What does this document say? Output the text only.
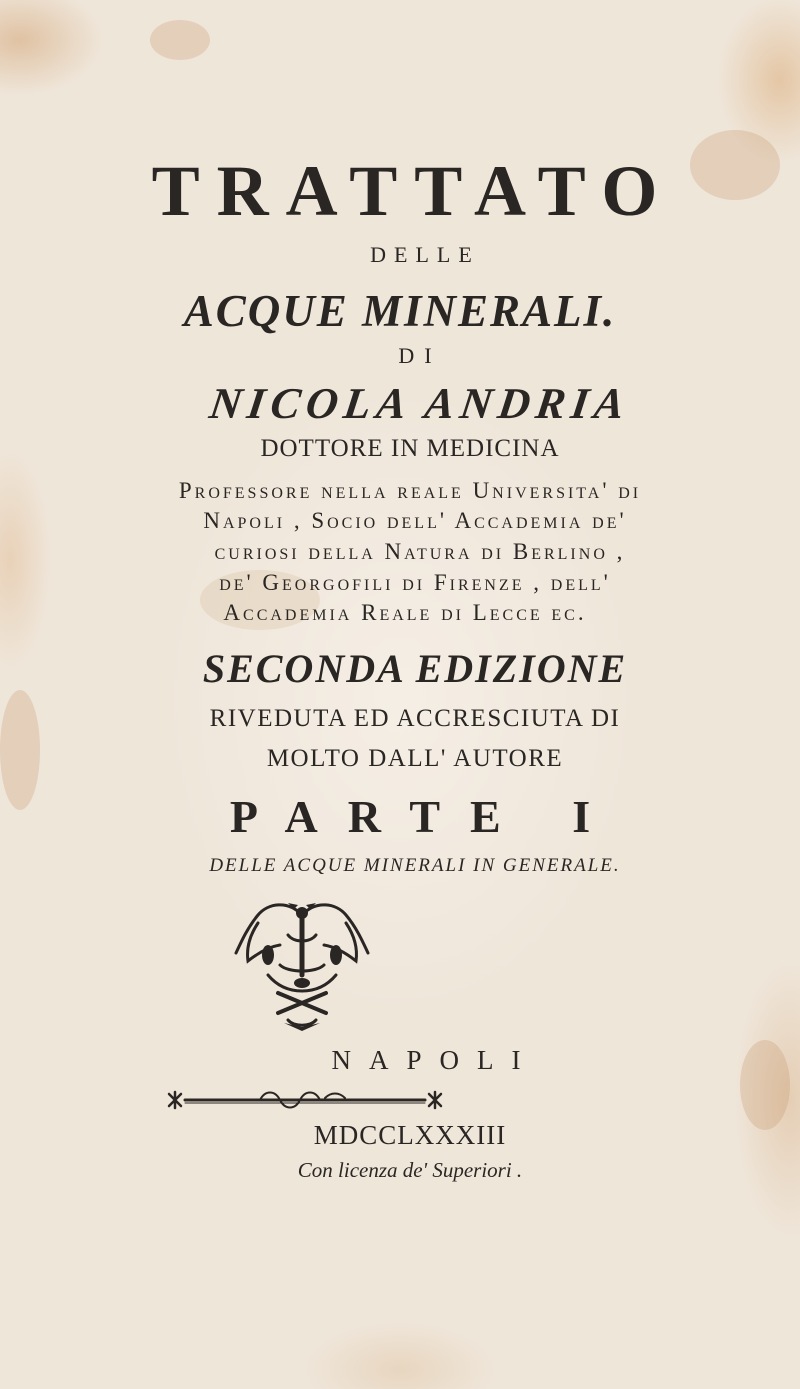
TRATTATO
DELLE
ACQUE MINERALI.
DI
NICOLA ANDRIA
DOTTORE IN MEDICINA
Professore nella reale Universita' di
Napoli , Socio dell' Accademia de'
curiosi della Natura di Berlino ,
de' Georgofili di Firenze , dell'
Accademia Reale di Lecce ec.
SECONDA EDIZIONE
RIVEDUTA ED ACCRESCIUTA DI
MOLTO DALL' AUTORE
PARTE I
DELLE ACQUE MINERALI IN GENERALE.
NAPOLI
MDCCLXXXIII
Con licenza de' Superiori .
